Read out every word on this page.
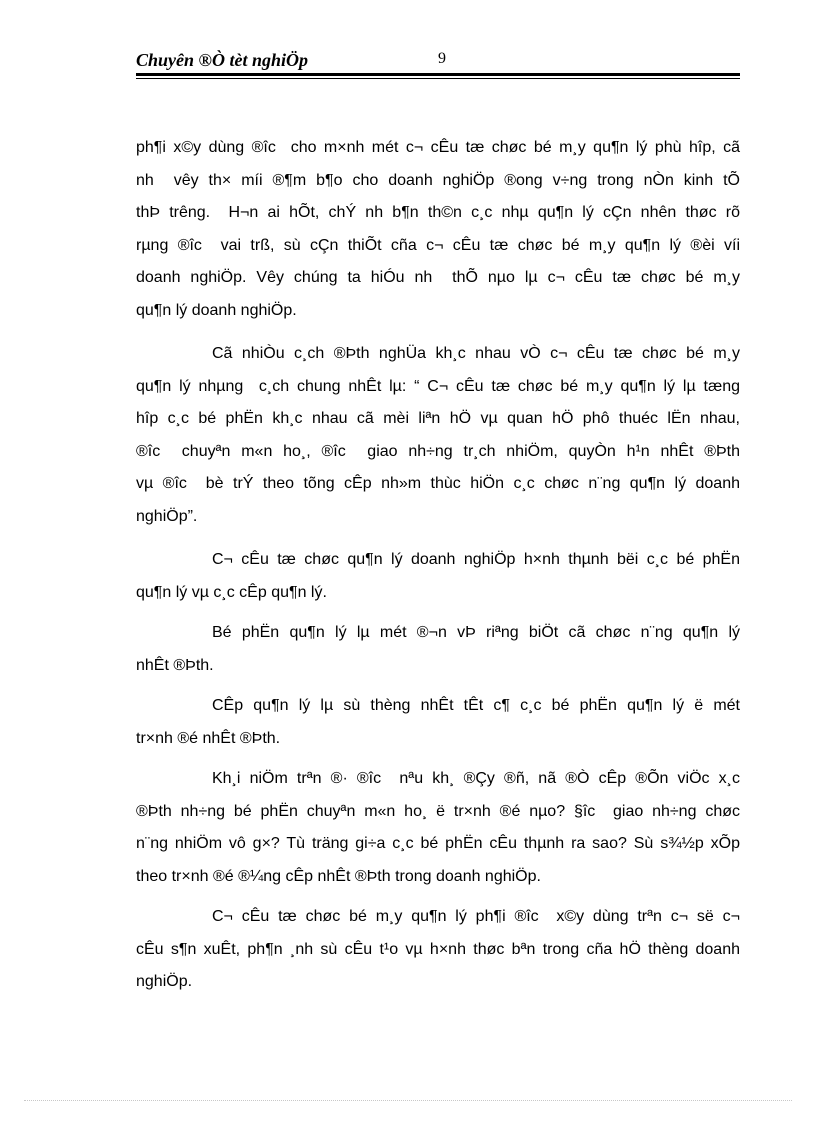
Chuyên ®Ò tèt nghiÖp	9

ph¶i x©y dùng ®îc  cho m×nh mét c¬ cÊu tæ chøc bé m¸y qu¶n lý phù hîp, cã

nh  vêy th× míi ®¶m b¶o cho doanh nghiÖp ®ong v÷ng trong nÒn kinh tÕ

thÞ trêng.  H¬n ai hÕt, chÝ nh b¶n th©n c¸c nhµ qu¶n lý cÇn nhên thøc rõ

rµng ®îc  vai trß, sù cÇn thiÕt cña c¬ cÊu tæ chøc bé m¸y qu¶n lý ®èi víi

doanh nghiÖp. Vêy chúng ta hiÓu nh  thÕ nµo lµ c¬ cÊu tæ chøc bé m¸y

qu¶n lý doanh nghiÖp.

Cã nhiÒu c¸ch ®Þth nghÜa kh¸c nhau vÒ c¬ cÊu tæ chøc bé m¸y

qu¶n lý nhµng  c¸ch chung nhÊt lµ: “ C¬ cÊu tæ chøc bé m¸y qu¶n lý lµ tæng

hîp c¸c bé phËn kh¸c nhau cã mèi liªn hÖ vµ quan hÖ phô thuéc lËn nhau,

®îc  chuyªn m«n ho¸, ®îc  giao nh÷ng tr¸ch nhiÖm, quyÒn h¹n nhÊt ®Þth

vµ ®îc  bè trÝ theo tõng cÊp nh»m thùc hiÖn c¸c chøc n¨ng qu¶n lý doanh

nghiÖp”.

C¬ cÊu tæ chøc qu¶n lý doanh nghiÖp h×nh thµnh bëi c¸c bé phËn

qu¶n lý vµ c¸c cÊp qu¶n lý.

Bé phËn qu¶n lý lµ mét ®¬n vÞ riªng biÖt cã chøc n¨ng qu¶n lý

nhÊt ®Þth.

CÊp qu¶n lý lµ sù thèng nhÊt tÊt c¶ c¸c bé phËn qu¶n lý ë mét

tr×nh ®é nhÊt ®Þth.

Kh¸i niÖm trªn ®· ®îc  nªu kh¸ ®Çy ®ñ, nã ®Ò cÊp ®Õn viÖc x¸c

®Þth nh÷ng bé phËn chuyªn m«n ho¸ ë tr×nh ®é nµo? §îc  giao nh÷ng chøc

n¨ng nhiÖm vô g×? Tù träng gi÷a c¸c bé phËn cÊu thµnh ra sao? Sù s¾½p xÕp

theo tr×nh ®é ®¼ng cÊp nhÊt ®Þth trong doanh nghiÖp.

C¬ cÊu tæ chøc bé m¸y qu¶n lý ph¶i ®îc  x©y dùng trªn c¬ së c¬

cÊu s¶n xuÊt, ph¶n ¸nh sù cÊu t¹o vµ h×nh thøc bªn trong cña hÖ thèng doanh

nghiÖp.
